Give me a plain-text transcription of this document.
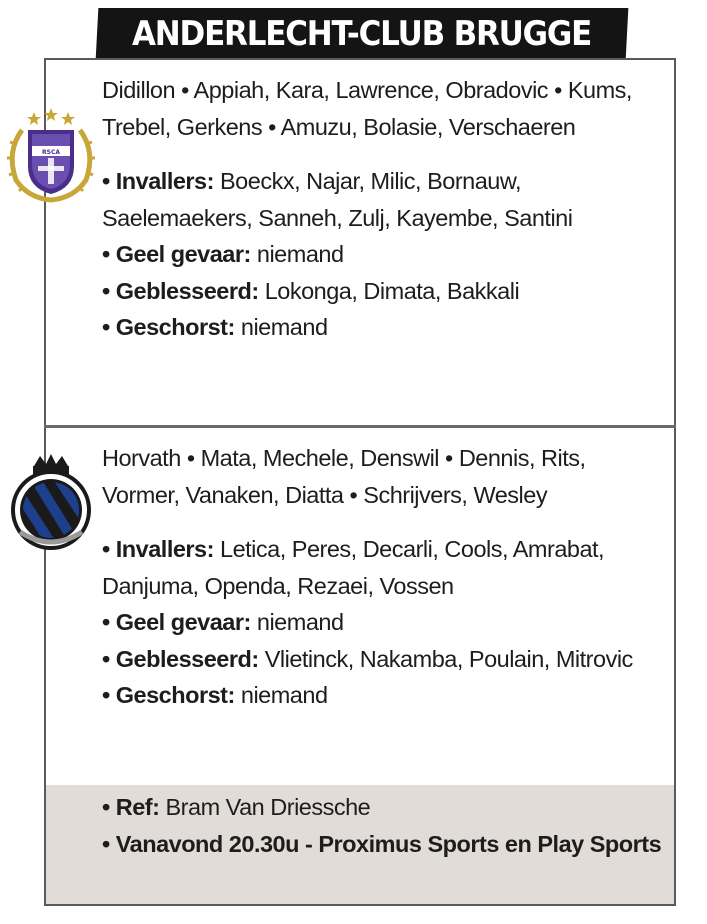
ANDERLECHT-CLUB BRUGGE
RSCA

Didillon • Appiah, Kara, Lawrence, Obradovic • Kums, Trebel, Gerkens • Amuzu, Bolasie, Verschaeren

• Invallers: Boeckx, Najar, Milic, Bornauw, Saelemaekers, Sanneh, Zulj, Kayembe, Santini

• Geel gevaar: niemand

• Geblesseerd: Lokonga, Dimata, Bakkali

• Geschorst: niemand

Horvath • Mata, Mechele, Denswil • Dennis, Rits, Vormer, Vanaken, Diatta • Schrijvers, Wesley

• Invallers: Letica, Peres, Decarli, Cools, Amrabat, Danjuma, Openda, Rezaei, Vossen

• Geel gevaar: niemand

• Geblesseerd: Vlietinck, Nakamba, Poulain, Mitrovic

• Geschorst: niemand

• Ref: Bram Van Driessche

• Vanavond 20.30u - Proximus Sports en Play Sports
